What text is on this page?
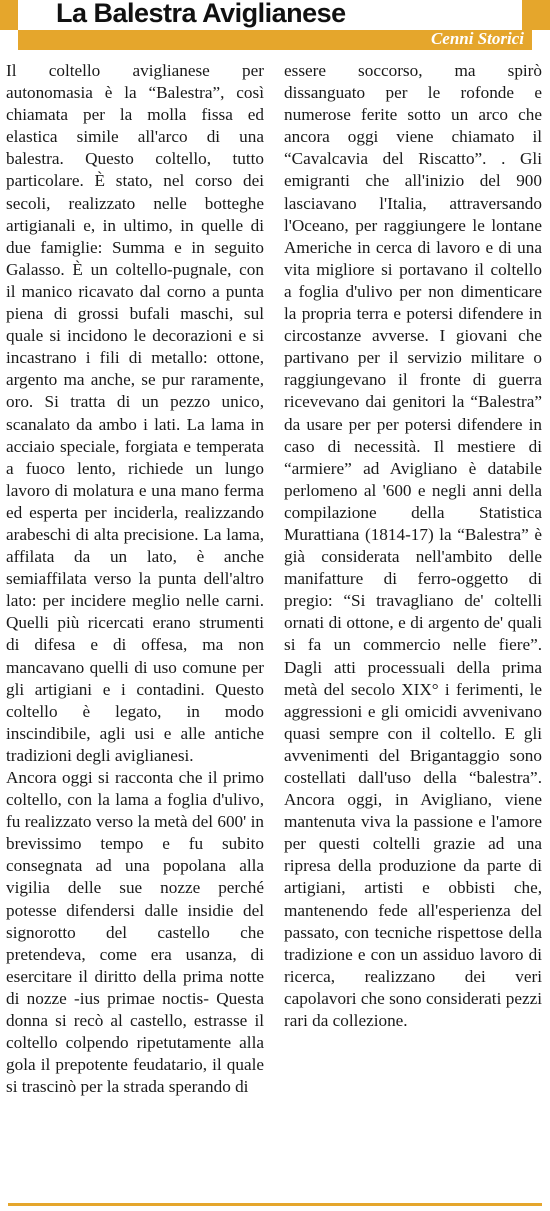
La Balestra Aviglianese
Cenni Storici

Il coltello aviglianese per autonomasia è la “Balestra”, così chiamata per la molla fissa ed elastica simile all'arco di una balestra. Questo coltello, tutto particolare. È stato, nel corso dei secoli, realizzato nelle botteghe artigianali e, in ultimo, in quelle di due famiglie: Summa e in seguito Galasso. È un coltello-pugnale, con il manico ricavato dal corno a punta piena di grossi bufali maschi, sul quale si incidono le decorazioni e si incastrano i fili di metallo: ottone, argento ma anche, se pur raramente, oro. Si tratta di un pezzo unico, scanalato da ambo i lati. La lama in acciaio speciale, forgiata e temperata a fuoco lento, richiede un lungo lavoro di molatura e una mano ferma ed esperta per inciderla, realizzando arabeschi di alta precisione. La lama, affilata da un lato, è anche semiaffilata verso la punta dell'altro lato: per incidere meglio nelle carni. Quelli più ricercati erano strumenti di difesa e di offesa, ma non mancavano quelli di uso comune per gli artigiani e i contadini. Questo coltello è legato, in modo inscindibile, agli usi e alle antiche tradizioni degli aviglianesi.

Ancora oggi si racconta che il primo coltello, con la lama a foglia d'ulivo, fu realizzato verso la metà del 600' in brevissimo tempo e fu subito consegnata ad una popolana alla vigilia delle sue nozze perché potesse difendersi dalle insidie del signorotto del castello che pretendeva, come era usanza, di esercitare il diritto della prima notte di nozze -ius primae noctis- Questa donna si recò al castello, estrasse il coltello colpendo ripetutamente alla gola il prepotente feudatario, il quale si trascinò per la strada sperando di

essere soccorso, ma spirò dissanguato per le rofonde e numerose ferite sotto un arco che ancora oggi viene chiamato il “Cavalcavia del Riscatto”. . Gli emigranti che all'inizio del 900 lasciavano l'Italia, attraversando l'Oceano, per raggiungere le lontane Americhe in cerca di lavoro e di una vita migliore si portavano il coltello a foglia d'ulivo per non dimenticare la propria terra e potersi difendere in circostanze avverse. I giovani che partivano per il servizio militare o raggiungevano il fronte di guerra ricevevano dai genitori la “Balestra” da usare per per potersi difendere in caso di necessità. Il mestiere di “armiere” ad Avigliano è databile perlomeno al '600 e negli anni della compilazione della Statistica Murattiana (1814-17) la “Balestra” è già considerata nell'ambito delle manifatture di ferro-oggetto di pregio: “Si travagliano de' coltelli ornati di ottone, e di argento de' quali si fa un commercio nelle fiere”. Dagli atti processuali della prima metà del secolo XIX° i ferimenti, le aggressioni e gli omicidi avvenivano quasi sempre con il coltello. E gli avvenimenti del Brigantaggio sono costellati dall'uso della “balestra”. Ancora oggi, in Avigliano, viene mantenuta viva la passione e l'amore per questi coltelli grazie ad una ripresa della produzione da parte di artigiani, artisti e obbisti che, mantenendo fede all'esperienza del passato, con tecniche rispettose della tradizione e con un assiduo lavoro di ricerca, realizzano dei veri capolavori che sono considerati pezzi rari da collezione.
